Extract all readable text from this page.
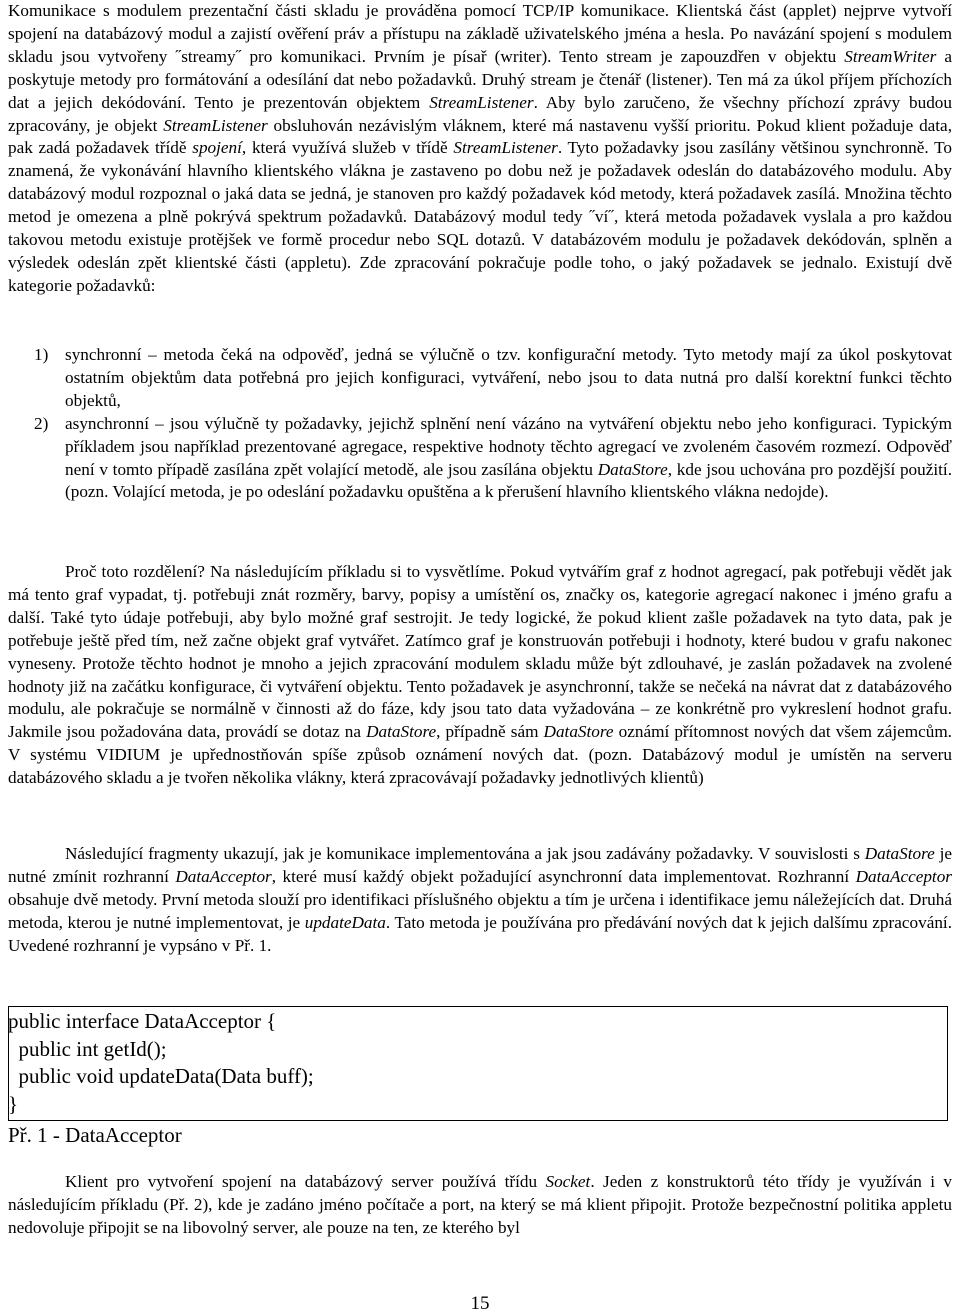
Komunikace s modulem prezentační části skladu je prováděna pomocí TCP/IP komunikace. Klientská část (applet) nejprve vytvoří spojení na databázový modul a zajistí ověření práv a přístupu na základě uživatelského jména a hesla. Po navázání spojení s modulem skladu jsou vytvořeny ˝streamy˝ pro komunikaci. Prvním je písař (writer). Tento stream je zapouzdřen v objektu StreamWriter a poskytuje metody pro formátování a odesílání dat nebo požadavků. Druhý stream je čtenář (listener). Ten má za úkol příjem příchozích dat a jejich dekódování. Tento je prezentován objektem StreamListener. Aby bylo zaručeno, že všechny příchozí zprávy budou zpracovány, je objekt StreamListener obsluhován nezávislým vláknem, které má nastavenu vyšší prioritu. Pokud klient požaduje data, pak zadá požadavek třídě spojení, která využívá služeb v třídě StreamListener. Tyto požadavky jsou zasílány většinou synchronně. To znamená, že vykonávání hlavního klientského vlákna je zastaveno po dobu než je požadavek odeslán do databázového modulu. Aby databázový modul rozpoznal o jaká data se jedná, je stanoven pro každý požadavek kód metody, která požadavek zasílá. Množina těchto metod je omezena a plně pokrývá spektrum požadavků. Databázový modul tedy ˝ví˝, která metoda požadavek vyslala a pro každou takovou metodu existuje protějšek ve formě procedur nebo SQL dotazů. V databázovém modulu je požadavek dekódován, splněn a výsledek odeslán zpět klientské části (appletu). Zde zpracování pokračuje podle toho, o jaký požadavek se jednalo. Existují dvě kategorie požadavků:

1) synchronní – metoda čeká na odpověď, jedná se výlučně o tzv. konfigurační metody. Tyto metody mají za úkol poskytovat ostatním objektům data potřebná pro jejich konfiguraci, vytváření, nebo jsou to data nutná pro další korektní funkci těchto objektů,
2) asynchronní – jsou výlučně ty požadavky, jejichž splnění není vázáno na vytváření objektu nebo jeho konfiguraci. Typickým příkladem jsou například prezentované agregace, respektive hodnoty těchto agregací ve zvoleném časovém rozmezí. Odpověď není v tomto případě zasílána zpět volající metodě, ale jsou zasílána objektu DataStore, kde jsou uchována pro pozdější použití. (pozn. Volající metoda, je po odeslání požadavku opuštěna a k přerušení hlavního klientského vlákna nedojde).

Proč toto rozdělení? Na následujícím příkladu si to vysvětlíme. Pokud vytvářím graf z hodnot agregací, pak potřebuji vědět jak má tento graf vypadat, tj. potřebuji znát rozměry, barvy, popisy a umístění os, značky os, kategorie agregací nakonec i jméno grafu a další. Také tyto údaje potřebuji, aby bylo možné graf sestrojit. Je tedy logické, že pokud klient zašle požadavek na tyto data, pak je potřebuje ještě před tím, než začne objekt graf vytvářet. Zatímco graf je konstruován potřebuji i hodnoty, které budou v grafu nakonec vyneseny. Protože těchto hodnot je mnoho a jejich zpracování modulem skladu může být zdlouhavé, je zaslán požadavek na zvolené hodnoty již na začátku konfigurace, či vytváření objektu. Tento požadavek je asynchronní, takže se nečeká na návrat dat z databázového modulu, ale pokračuje se normálně v činnosti až do fáze, kdy jsou tato data vyžadována – ze konkrétně pro vykreslení hodnot grafu. Jakmile jsou požadována data, provádí se dotaz na DataStore, případně sám DataStore oznámí přítomnost nových dat všem zájemcům. V systému VIDIUM je upřednostňován spíše způsob oznámení nových dat. (pozn. Databázový modul je umístěn na serveru databázového skladu a je tvořen několika vlákny, která zpracovávají požadavky jednotlivých klientů)

Následující fragmenty ukazují, jak je komunikace implementována a jak jsou zadávány požadavky. V souvislosti s DataStore je nutné zmínit rozhranní DataAcceptor, které musí každý objekt požadující asynchronní data implementovat. Rozhranní DataAcceptor obsahuje dvě metody. První metoda slouží pro identifikaci příslušného objektu a tím je určena i identifikace jemu náležejících dat. Druhá metoda, kterou je nutné implementovat, je updateData. Tato metoda je používána pro předávání nových dat k jejich dalšímu zpracování. Uvedené rozhranní je vypsáno v Př. 1.

public interface DataAcceptor {
public int getId();
public void updateData(Data buff);
}
Př. 1 - DataAcceptor

Klient pro vytvoření spojení na databázový server používá třídu Socket. Jeden z konstruktorů této třídy je využíván i v následujícím příkladu (Př. 2), kde je zadáno jméno počítače a port, na který se má klient připojit. Protože bezpečnostní politika appletu nedovoluje připojit se na libovolný server, ale pouze na ten, ze kterého byl

15
